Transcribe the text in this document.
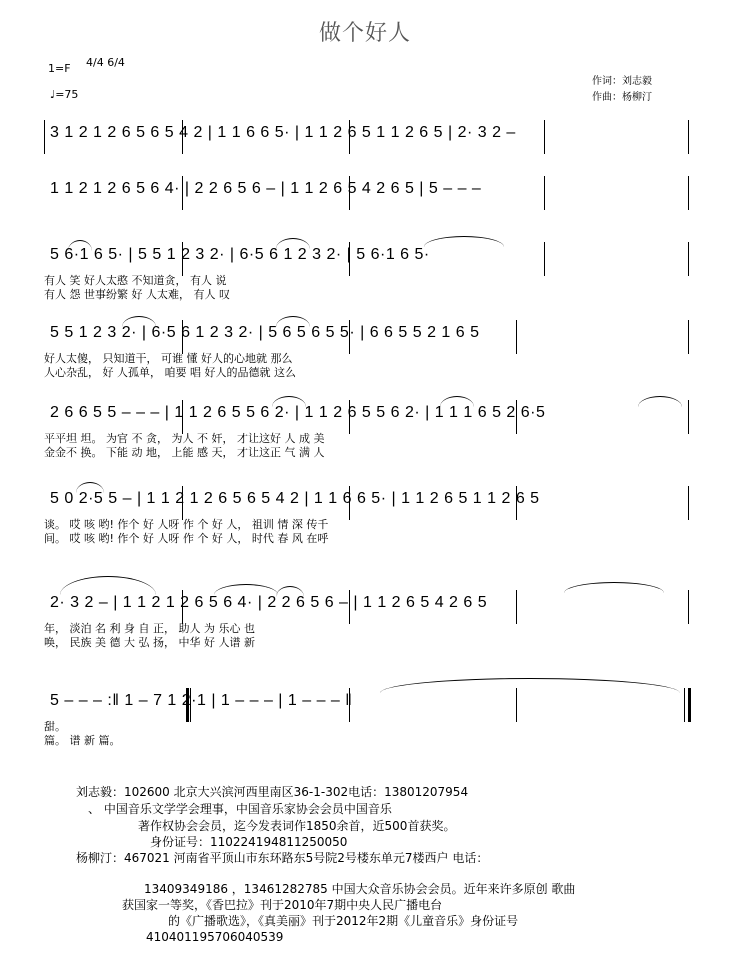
做个好人
1=F 4/4 6/4
♩=75
作词：刘志毅
作曲：杨柳汀
3 1 2 1 2 6 5 6 5 4 2 | 1 1 6 6 5· | 1 1 2 6 5 1 1 2 6 5 | 2· 3 2 –
1 1 2 1 2 6 5 6 4· | 2 2 6 5 6 – | 1 1 2 6 5 4 2 6 5 | 5 – – –
5 6·1 6 5· | 5 5 1 2 3 2· | 6·5 6 1 2 3 2· | 5 6·1 6 5·
有人 笑 好人太憨 不知道贪， 有人 说
有人 怨 世事纷繁 好 人太难， 有人 叹
5 5 1 2 3 2· | 6·5 6 1 2 3 2· | 5 6 5 6 5 5· | 6 6 5 5 2 1 6 5
好人太傻， 只知道干， 可谁 懂 好人的心地就 那么
人心杂乱， 好 人孤单， 咱要 唱 好人的品德就 这么
2 6 6 5 5 – – – | 1 1 2 6 5 5 6 2· | 1 1 2 6 5 5 6 2· | 1 1 1 6 5 2 6·5
平平坦 坦。 为官 不 贪， 为人 不 奸， 才让这好 人 成 美
金金不 换。 下能 动 地， 上能 感 天， 才让这正 气 满 人
5 0 2·5 5 – | 1 1 2 1 2 6 5 6 5 4 2 | 1 1 6 6 5· | 1 1 2 6 5 1 1 2 6 5
谈。 哎 咳 哟! 作个 好 人呀 作 个 好 人， 祖训 情 深 传千
间。 哎 咳 哟! 作个 好 人呀 作 个 好 人， 时代 春 风 在呼
2· 3 2 – | 1 1 2 1 2 6 5 6 4· | 2 2 6 5 6 – | 1 1 2 6 5 4 2 6 5
年， 淡泊 名 利 身 自 正， 助人 为 乐心 也
唤， 民族 美 德 大 弘 扬， 中华 好 人谱 新
5 – – – :‖ 1 – 7 1 2·1 | 1 – – – | 1 – – – ‖
甜。
篇。 谱 新 篇。
刘志毅：102600 北京大兴滨河西里南区36-1-302电话：13801207954
、 中国音乐文学学会理事，中国音乐家协会会员中国音乐
著作权协会会员，迄今发表词作1850余首，近500首获奖。
身份证号：110224194811250050
杨柳汀：467021 河南省平顶山市东环路东5号院2号楼东单元7楼西户 电话：
13409349186 ，13461282785 中国大众音乐协会会员。近年来许多原创 歌曲
获国家一等奖，《香巴拉》刊于2010年7期中央人民广播电台
的《广播歌选》，《真美丽》刊于2012年2期《儿童音乐》身份证号
410401195706040539
